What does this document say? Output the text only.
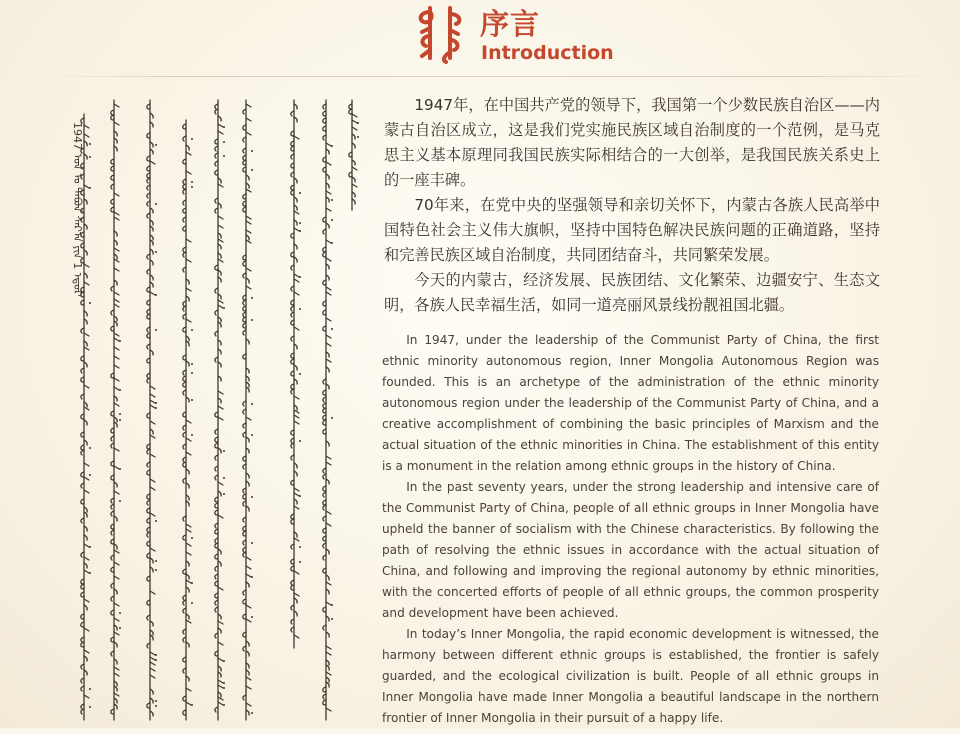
序言
Introduction
1947 ᠣᠨ ᠤ ᠲᠠᠪᠤᠨ ᠰᠠᠷ᠎ᠠ ᠶᠢᠨ 1 ᠡᠳᠦᠷ

1947年，在中国共产党的领导下，我国第一个少数民族自治区——内蒙古自治区成立，这是我们党实施民族区域自治制度的一个范例，是马克思主义基本原理同我国民族实际相结合的一大创举，是我国民族关系史上的一座丰碑。

70年来，在党中央的坚强领导和亲切关怀下，内蒙古各族人民高举中国特色社会主义伟大旗帜，坚持中国特色解决民族问题的正确道路，坚持和完善民族区域自治制度，共同团结奋斗，共同繁荣发展。

今天的内蒙古，经济发展、民族团结、文化繁荣、边疆安宁、生态文明，各族人民幸福生活，如同一道亮丽风景线扮靓祖国北疆。

In 1947, under the leadership of the Communist Party of China, the first ethnic minority autonomous region, Inner Mongolia Autonomous Region was founded. This is an archetype of the administration of the ethnic minority autonomous region under the leadership of the Communist Party of China, and a creative accomplishment of combining the basic principles of Marxism and the actual situation of the ethnic minorities in China. The establishment of this entity is a monument in the relation among ethnic groups in the history of China.

In the past seventy years, under the strong leadership and intensive care of the Communist Party of China, people of all ethnic groups in Inner Mongolia have upheld the banner of socialism with the Chinese characteristics. By following the path of resolving the ethnic issues in accordance with the actual situation of China, and following and improving the regional autonomy by ethnic minorities, with the concerted efforts of people of all ethnic groups, the common prosperity and development have been achieved.

In today’s Inner Mongolia, the rapid economic development is witnessed, the harmony between different ethnic groups is established, the frontier is safely guarded, and the ecological civilization is built. People of all ethnic groups in Inner Mongolia have made Inner Mongolia a beautiful landscape in the northern frontier of Inner Mongolia in their pursuit of a happy life.
